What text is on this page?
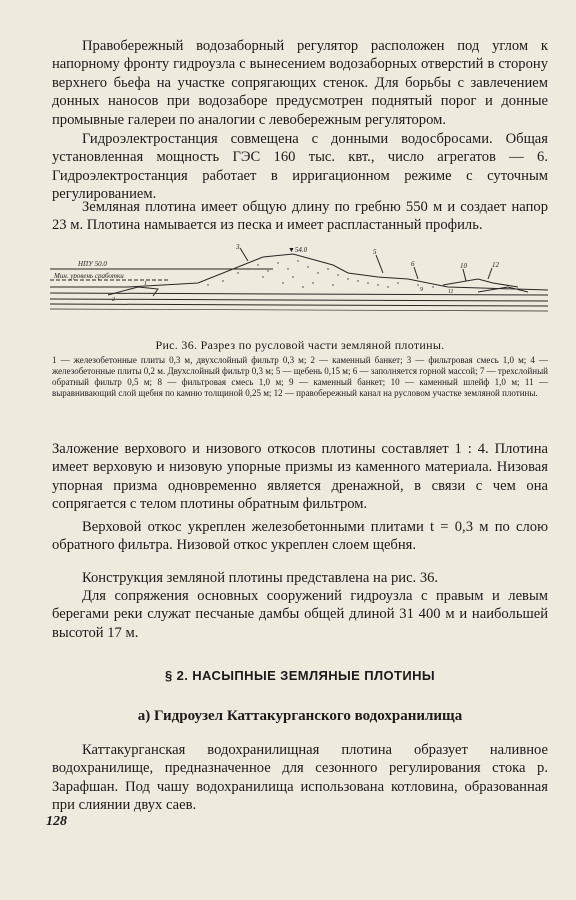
Правобережный водозаборный регулятор расположен под углом к напорному фронту гидроузла с вынесением водозаборных отверстий в сторону верхнего бьефа на участке сопрягающих стенок. Для борьбы с завлечением донных наносов при водозаборе предусмотрен поднятый порог и донные промывные галереи по аналогии с левобережным регулятором.

Гидроэлектростанция совмещена с донными водосбросами. Общая установленная мощность ГЭС 160 тыс. квт., число агрегатов — 6. Гидроэлектростанция работает в ирригационном режиме с суточным регулированием.

Земляная плотина имеет общую длину по гребню 550 м и создает напор 23 м. Плотина намывается из песка и имеет распластанный профиль.

НПУ 50.0
Мин. уровень сработки
▼54.0
3
5
6	10	12
1
2
9	11

Рис. 36. Разрез по русловой части земляной плотины.

1 — железобетонные плиты 0,3 м, двухслойный фильтр 0,3 м; 2 — каменный банкет; 3 — фильтровая смесь 1,0 м; 4 — железобетонные плиты 0,2 м. Двухслойный фильтр 0,3 м; 5 — щебень 0,15 м; 6 — заполняется горной массой; 7 — трехслойный обратный фильтр 0,5 м; 8 — фильтровая смесь 1,0 м; 9 — каменный банкет; 10 — каменный шлейф 1,0 м; 11 — выравнивающий слой щебня по камню толщиной 0,25 м; 12 — правобережный канал на русловом участке земляной плотины.

Заложение верхового и низового откосов плотины составляет 1 : 4. Плотина имеет верховую и низовую упорные призмы из каменного материала. Низовая упорная призма одновременно является дренажной, в связи с чем она сопрягается с телом плотины обратным фильтром.

Верховой откос укреплен железобетонными плитами t = 0,3 м по слою обратного фильтра. Низовой откос укреплен слоем щебня.

Конструкция земляной плотины представлена на рис. 36.

Для сопряжения основных сооружений гидроузла с правым и левым берегами реки служат песчаные дамбы общей длиной 31 400 м и наибольшей высотой 17 м.

§ 2. НАСЫПНЫЕ ЗЕМЛЯНЫЕ ПЛОТИНЫ

а) Гидроузел Каттакурганского водохранилища

Каттакурганская водохранилищная плотина образует наливное водохранилище, предназначенное для сезонного регулирования стока р. Зарафшан. Под чашу водохранилища использована котловина, образованная при слиянии двух саев.

128
